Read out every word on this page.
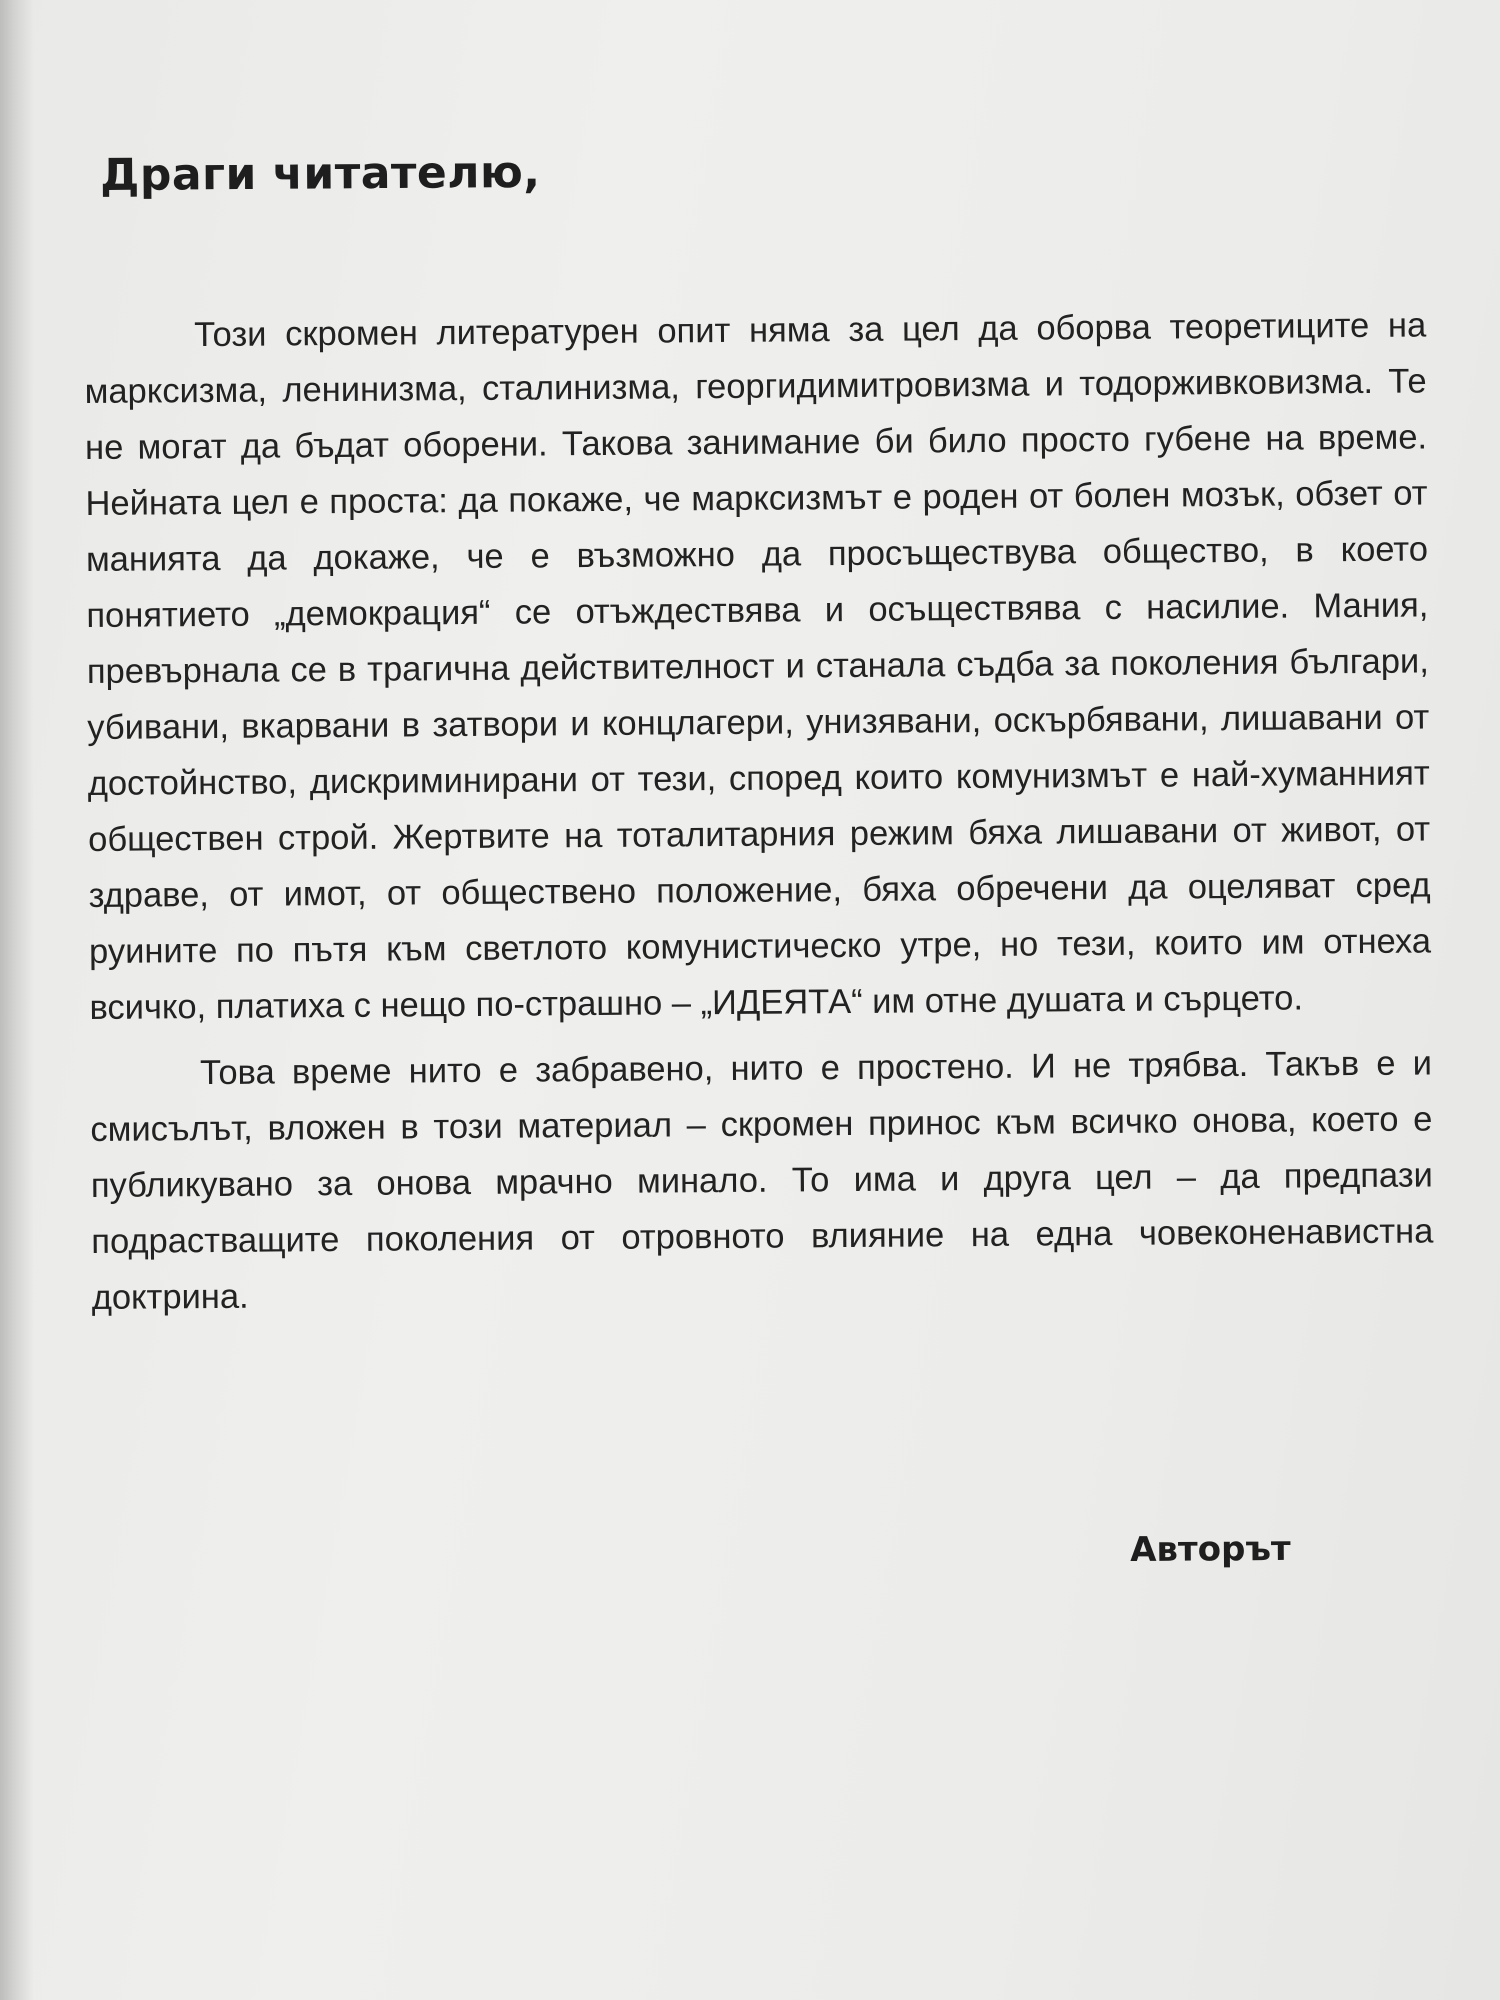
Драги читателю,

Този скромен литературен опит няма за цел да оборва теоретиците на марксизма, ленинизма, сталинизма, георгидимитровизма и тодорживковизма. Те не могат да бъдат оборени. Такова занимание би било просто губене на време. Нейната цел е проста: да покаже, че марксизмът е роден от болен мозък, обзет от манията да докаже, че е възможно да просъществува общество, в което понятието „демокрация“ се отъждествява и осъществява с насилие. Мания, превърнала се в трагична действителност и станала съдба за поколения българи, убивани, вкарвани в затвори и концлагери, унизявани, оскърбявани, лишавани от достойнство, дискриминирани от тези, според които комунизмът е най-хуманният обществен строй. Жертвите на тоталитарния режим бяха лишавани от живот, от здраве, от имот, от обществено положение, бяха обречени да оцеляват сред руините по пътя към светлото комунистическо утре, но тези, които им отнеха всичко, платиха с нещо по-страшно – „ИДЕЯТА“ им отне душата и сърцето.

Това време нито е забравено, нито е простено. И не трябва. Такъв е и смисълът, вложен в този материал – скромен принос към всичко онова, което е публикувано за онова мрачно минало. То има и друга цел – да предпази подрастващите поколения от отровното влияние на една човеконенавистна доктрина.

Авторът
